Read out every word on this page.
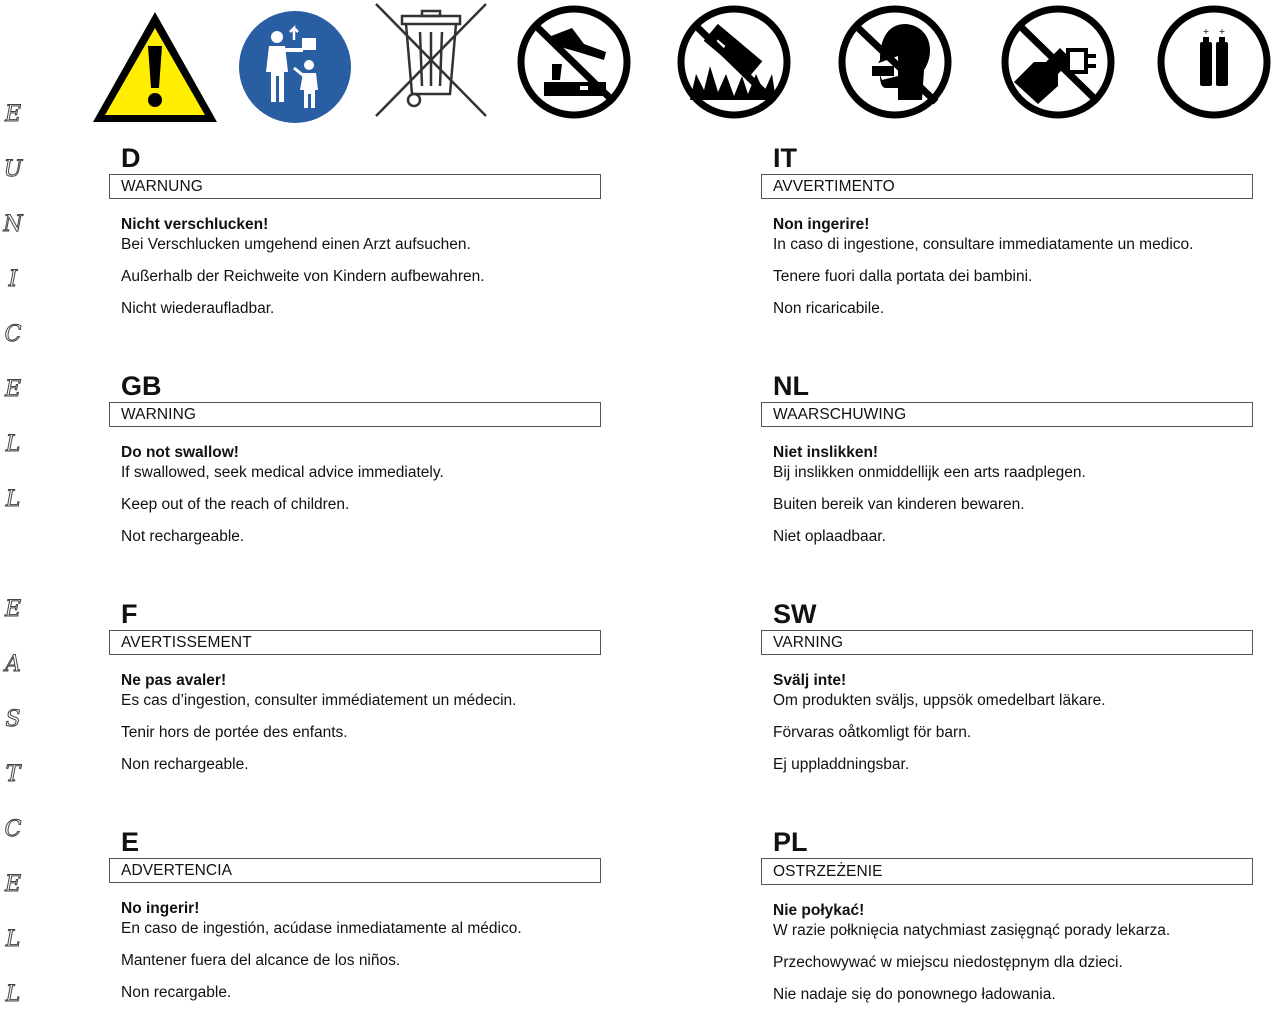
+ +
E
U
N
I
C
E
L
L
E
A
S
T
C
E
L
L
D
WARNUNG

Nicht verschlucken!

Bei Verschlucken umgehend einen Arzt aufsuchen.

Außerhalb der Reichweite von Kindern aufbewahren.

Nicht wiederaufladbar.

IT
AVVERTIMENTO

Non ingerire!

In caso di ingestione, consultare immediatamente un medico.

Tenere fuori dalla portata dei bambini.

Non ricaricabile.

GB
WARNING

Do not swallow!

If swallowed, seek medical advice immediately.

Keep out of the reach of children.

Not rechargeable.

NL
WAARSCHUWING

Niet inslikken!

Bij inslikken onmiddellijk een arts raadplegen.

Buiten bereik van kinderen bewaren.

Niet oplaadbaar.

F
AVERTISSEMENT

Ne pas avaler!

Es cas d’ingestion, consulter immédiatement un médecin.

Tenir hors de portée des enfants.

Non rechargeable.

SW
VARNING

Svälj inte!

Om produkten sväljs, uppsök omedelbart läkare.

Förvaras oåtkomligt för barn.

Ej uppladdningsbar.

E
ADVERTENCIA

No ingerir!

En caso de ingestión, acúdase inmediatamente al médico.

Mantener fuera del alcance de los niños.

Non recargable.

PL
OSTRZEŻENIE

Nie połykać!

W razie połknięcia natychmiast zasięgnąć porady lekarza.

Przechowywać w miejscu niedostępnym dla dzieci.

Nie nadaje się do ponownego ładowania.
